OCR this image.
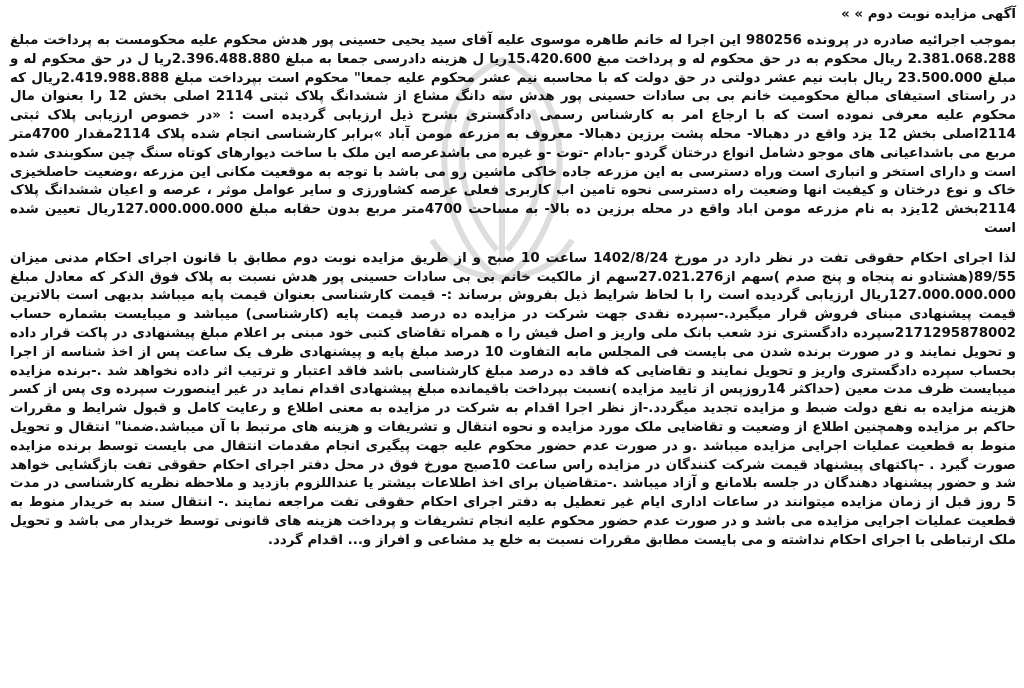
آگهی مزایده نوبت دوم » »

بموجب اجرائیه صادره در پرونده 980256 این اجرا له خانم طاهره موسوی علیه آقای سید یحیی حسینی پور هدش محکوم علیه محکومست به پرداخت مبلغ 2.381.068.288 ریال محکوم به در حق محکوم له و پرداخت مبغ 15.420.600ریا ل هزینه دادرسی جمعا به مبلغ 2.396.488.880ریا ل در حق محکوم له و مبلغ 23.500.000 ریال بابت نیم عشر دولتی در حق دولت که با محاسبه نیم عشر محکوم علیه جمعا" محکوم است بپرداخت مبلغ 2.419.988.888ریال که در راستای استیفای مبالغ محکومیت خانم بی بی سادات حسینی پور هدش سه دانگ مشاع از ششدانگ پلاک ثبتی 2114 اصلی بخش 12 را بعنوان مال محکوم علیه معرفی نموده است که با ارجاع امر به کارشناس رسمی دادگستری بشرح ذیل ارزیابی گردیده است : «در خصوص ارزیابی پلاک ثبتی 2114اصلی بخش 12 یزد واقع در دهبالا- محله پشت برزین دهبالا- معروف به مزرعه مومن آباد »برابر کارشناسی انجام شده پلاک 2114مقدار 4700متر مربع می باشداعیانی های موجو دشامل انواع درختان گردو -بادام -توت -و غیره می باشدعرصه این ملک با ساخت دیوارهای کوتاه سنگ چین سکوبندی شده است و دارای استخر و انباری است وراه دسترسی به این مزرعه جاده خاکی ماشین رو می باشد با توجه به موقعیت مکانی این مزرعه ،وضعیت حاصلخیزی خاک و نوع درختان و کیفیت انها وضعیت راه دسترسی نحوه تامین اب کاربری فعلی عرصه کشاورزی و سایر عوامل موثر ، عرصه و اعیان ششدانگ پلاک 2114بخش 12یزد به نام مزرعه مومن اباد واقع در محله برزین ده بالا- به مساحت 4700متر مربع بدون حقابه مبلغ 127.000.000.000ریال تعیین شده است

لذا اجرای احکام حقوقی تفت در نظر دارد در مورخ 1402/8/24 ساعت 10 صبح و از طریق مزایده نوبت دوم مطابق با قانون اجرای احکام مدنی میزان 89/55(هشتادو نه پنجاه و پنج صدم )سهم از27.021.276سهم از مالکیت خانم بی بی سادات حسینی پور هدش نسبت به پلاک فوق الذکر که معادل مبلغ 127.000.000.000ریال ارزیابی گردیده است را با لحاظ شرایط ذیل بفروش برساند :- قیمت کارشناسی بعنوان قیمت پایه میباشد بدیهی است بالاترین قیمت پیشنهادی مبنای فروش قرار میگیرد.-سپرده نقدی جهت شرکت در مزایده ده درصد قیمت پایه (کارشناسی) میباشد و میبایست بشماره حساب 2171295878002سپرده دادگستری نزد شعب بانک ملی واریز و اصل فیش را ه همراه تقاضای کتبی خود مبنی بر اعلام مبلغ پیشنهادی در پاکت قرار داده و تحویل نمایند و در صورت برنده شدن می بایست فی المجلس مابه التفاوت 10 درصد مبلغ پایه و پیشنهادی ظرف یک ساعت پس از اخذ شناسه از اجرا بحساب سپرده دادگستری واریز و تحویل نمایند و تقاضایی که فاقد ده درصد مبلغ کارشناسی باشد فاقد اعتبار و ترتیب اثر داده نخواهد شد .-برنده مزایده میبایست ظرف مدت معین (حداکثر 14روزپس از تایید مزایده )نسبت بپرداخت باقیمانده مبلغ پیشنهادی اقدام نماید در غیر اینصورت سپرده وی پس از کسر هزینه مزایده به نفع دولت ضبط و مزایده تجدید میگردد.-از نظر اجرا اقدام به شرکت در مزایده به معنی اطلاع و رعایت کامل و قبول شرایط و مقررات حاکم بر مزایده وهمچنین اطلاع از وضعیت و تقاضایی ملک مورد مزایده و نحوه انتقال و تشریفات و هزینه های مرتبط با آن میباشد.ضمنا" انتقال و تحویل منوط به قطعیت عملیات اجرایی مزایده میباشد .و در صورت عدم حضور محکوم علیه جهت پیگیری انجام مقدمات انتقال می بایست توسط برنده مزایده صورت گیرد . -پاکتهای پیشنهاد قیمت شرکت کنندگان در مزایده راس ساعت 10صبح مورخ فوق در محل دفتر اجرای احکام حقوقی تفت بازگشایی خواهد شد و حضور پیشنهاد دهندگان در جلسه بلامانع و آزاد میباشد .-متقاضیان برای اخذ اطلاعات بیشتر یا عنداللزوم بازدید و ملاحظه نظریه کارشناسی در مدت 5 روز قبل از زمان مزایده میتوانند در ساعات اداری ایام غیر تعطیل به دفتر اجرای احکام حقوقی تفت مراجعه نمایند .- انتقال سند به خریدار منوط به قطعیت عملیات اجرایی مزایده می باشد و در صورت عدم حضور محکوم علیه انجام تشریفات و پرداخت هزینه های قانونی توسط خریدار می باشد و تحویل ملک ارتباطی با اجرای احکام نداشته و می بایست مطابق مقررات نسبت به خلع ید مشاعی و افراز و... اقدام گردد.
